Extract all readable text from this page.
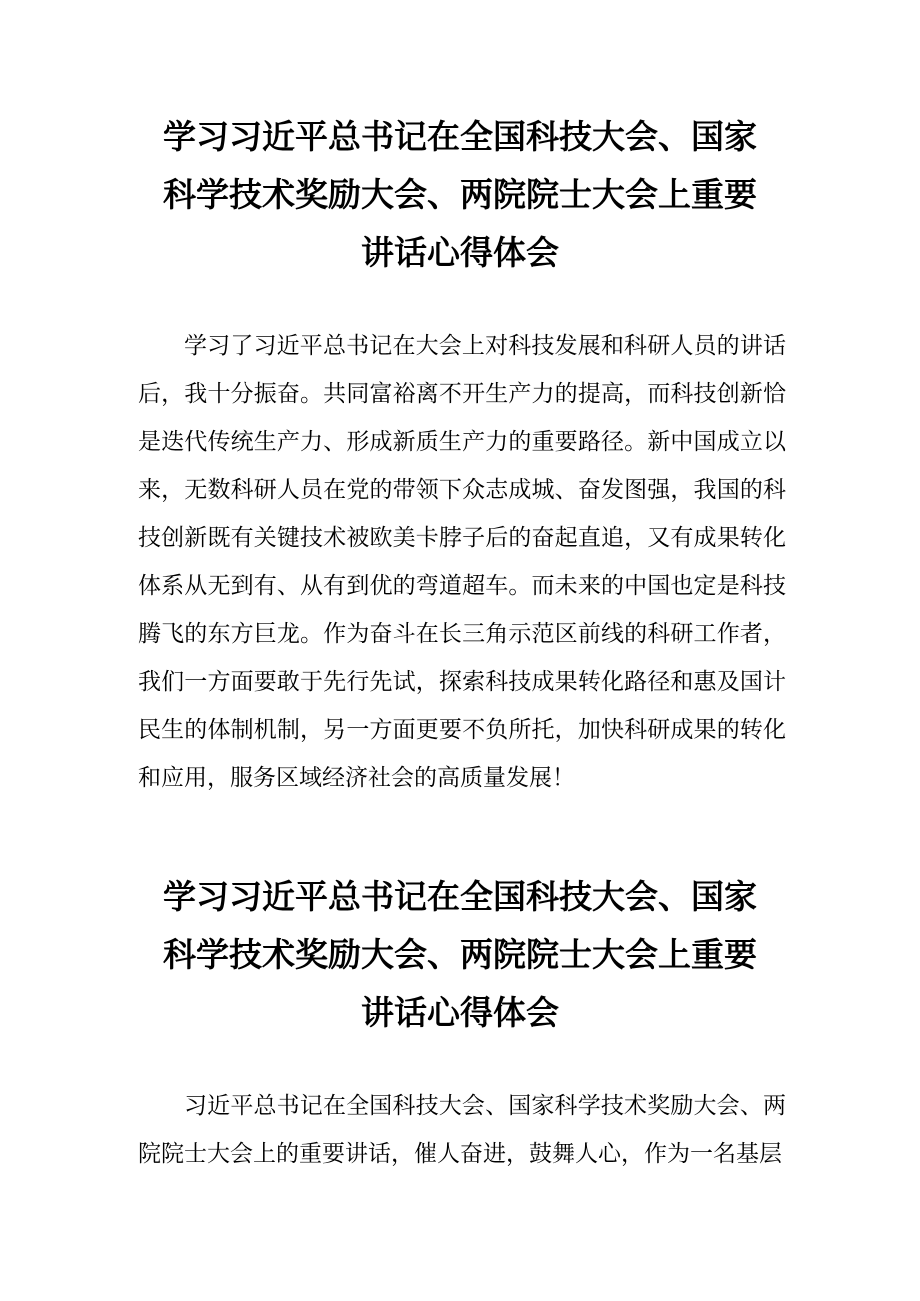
学习习近平总书记在全国科技大会、国家
科学技术奖励大会、两院院士大会上重要
讲话心得体会

学习了习近平总书记在大会上对科技发展和科研人员的讲话后，我十分振奋。共同富裕离不开生产力的提高，而科技创新恰是迭代传统生产力、形成新质生产力的重要路径。新中国成立以来，无数科研人员在党的带领下众志成城、奋发图强，我国的科技创新既有关键技术被欧美卡脖子后的奋起直追，又有成果转化体系从无到有、从有到优的弯道超车。而未来的中国也定是科技腾飞的东方巨龙。作为奋斗在长三角示范区前线的科研工作者，我们一方面要敢于先行先试，探索科技成果转化路径和惠及国计民生的体制机制，另一方面更要不负所托，加快科研成果的转化和应用，服务区域经济社会的高质量发展！

学习习近平总书记在全国科技大会、国家
科学技术奖励大会、两院院士大会上重要
讲话心得体会

习近平总书记在全国科技大会、国家科学技术奖励大会、两院院士大会上的重要讲话，催人奋进，鼓舞人心，作为一名基层
